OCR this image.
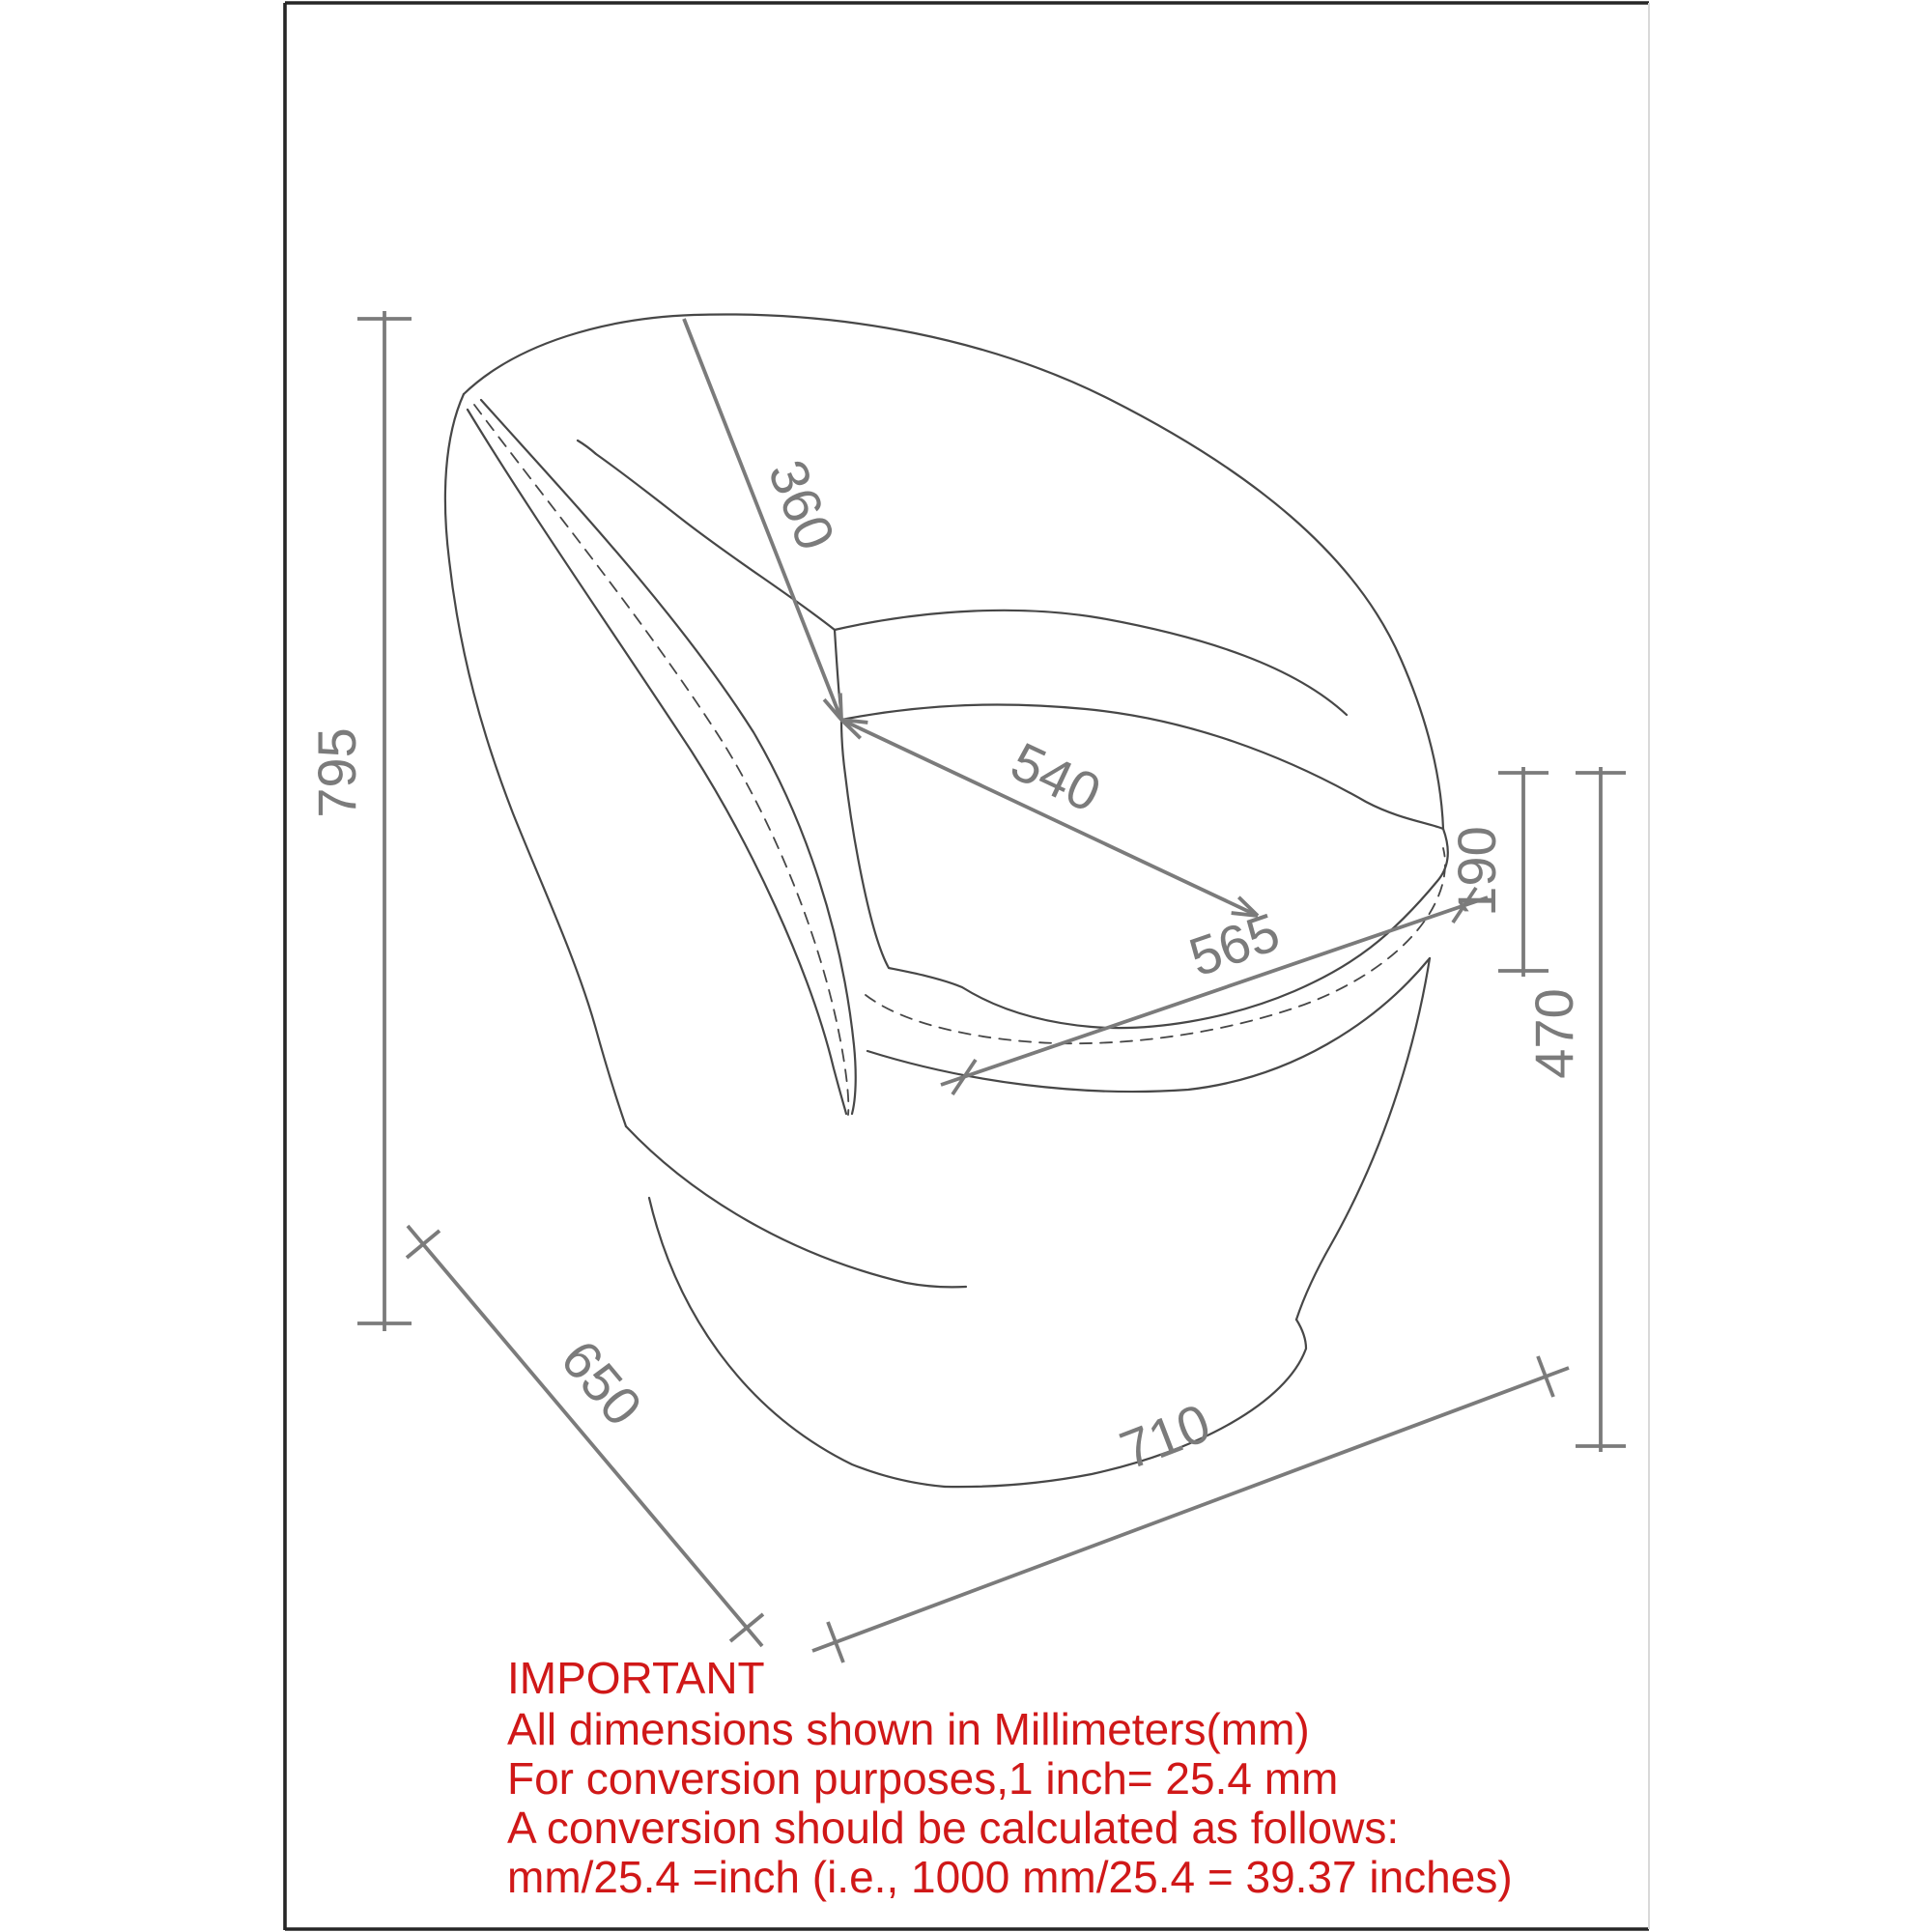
795
360
540
565
190
470
650	710

IMPORTANT

All dimensions shown in Millimeters(mm)

For conversion purposes,1 inch= 25.4 mm

A conversion should be calculated as follows:

mm/25.4 =inch (i.e., 1000 mm/25.4 = 39.37 inches)
